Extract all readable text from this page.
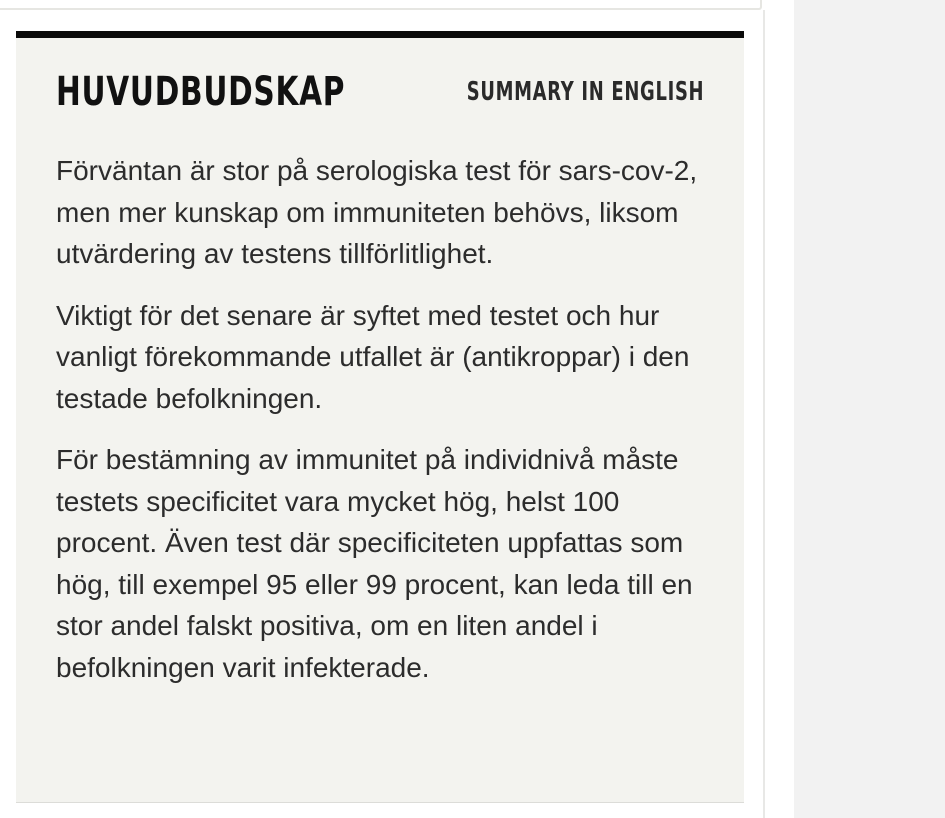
HUVUDBUDSKAP	SUMMARY IN ENGLISH

Förväntan är stor på serologiska test för sars-cov-2, men mer kunskap om immuniteten behövs, liksom utvärdering av testens tillförlitlighet.

Viktigt för det senare är syftet med testet och hur vanligt förekommande utfallet är (antikroppar) i den testade befolkningen.

För bestämning av immunitet på individnivå måste testets specificitet vara mycket hög, helst 100 procent. Även test där specificiteten uppfattas som hög, till exempel 95 eller 99 procent, kan leda till en stor andel falskt positiva, om en liten andel i befolkningen varit infekterade.
